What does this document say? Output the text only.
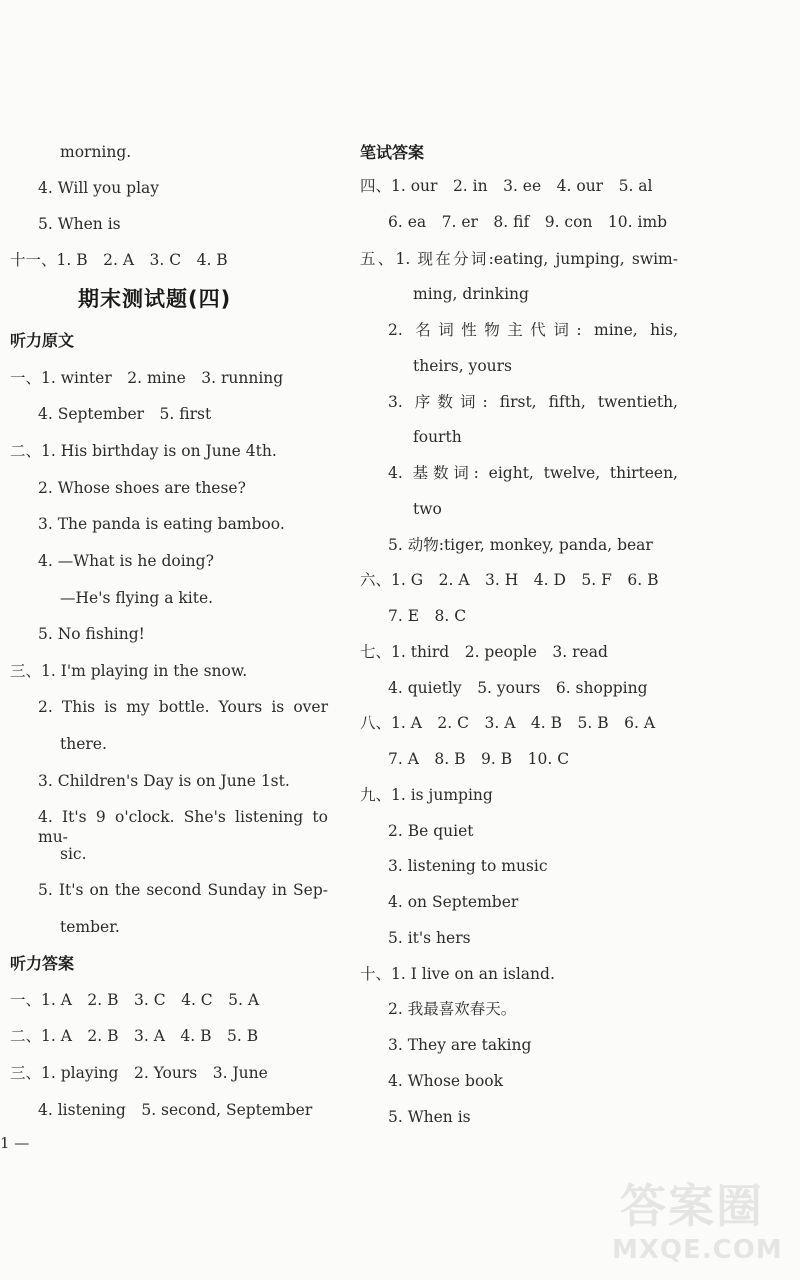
morning.
4. Will you play
5. When is
十一、1. B　2. A　3. C　4. B
期末测试题(四)
听力原文
一、1. winter　2. mine　3. running
4. September　5. first
二、1. His birthday is on June 4th.
2. Whose shoes are these?
3. The panda is eating bamboo.
4. —What is he doing?
—He's flying a kite.
5. No fishing!
三、1. I'm playing in the snow.
2. This is my bottle. Yours is over
there.
3. Children's Day is on June 1st.
4. It's 9 o'clock. She's listening to mu-
sic.
5. It's on the second Sunday in Sep-
tember.
听力答案
一、1. A　2. B　3. C　4. C　5. A
二、1. A　2. B　3. A　4. B　5. B
三、1. playing　2. Yours　3. June
4. listening　5. second, September
1 —
笔试答案
四、1. our　2. in　3. ee　4. our　5. al
6. ea　7. er　8. fif　9. con　10. imb
五、1. 现在分词:eating, jumping, swim-
ming, drinking
2. 名词性物主代词: mine, his,
theirs, yours
3. 序数词: first, fifth, twentieth,
fourth
4. 基数词: eight, twelve, thirteen,
two
5. 动物:tiger, monkey, panda, bear
六、1. G　2. A　3. H　4. D　5. F　6. B
7. E　8. C
七、1. third　2. people　3. read
4. quietly　5. yours　6. shopping
八、1. A　2. C　3. A　4. B　5. B　6. A
7. A　8. B　9. B　10. C
九、1. is jumping
2. Be quiet
3. listening to music
4. on September
5. it's hers
十、1. I live on an island.
2. 我最喜欢春天。
3. They are taking
4. Whose book
5. When is
答案圈
MXQE.COM
